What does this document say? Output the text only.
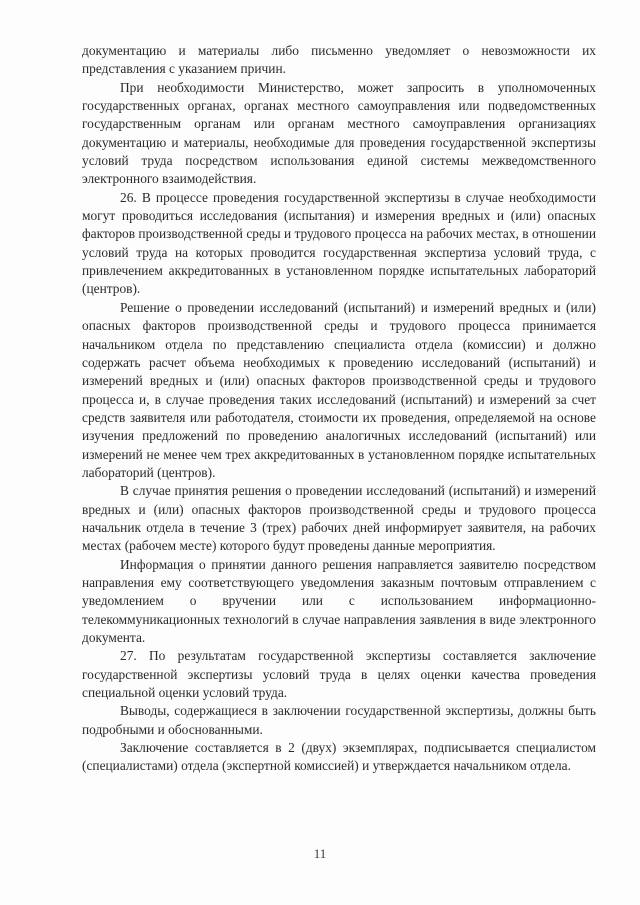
документацию и материалы либо письменно уведомляет о невозможности их представления с указанием причин.

При необходимости Министерство, может запросить в уполномоченных государственных органах, органах местного самоуправления или подведомственных государственным органам или органам местного самоуправления организациях документацию и материалы, необходимые для проведения государственной экспертизы условий труда посредством использования единой системы межведомственного электронного взаимодействия.

26. В процессе проведения государственной экспертизы в случае необходимости могут проводиться исследования (испытания) и измерения вредных и (или) опасных факторов производственной среды и трудового процесса на рабочих местах, в отношении условий труда на которых проводится государственная экспертиза условий труда, с привлечением аккредитованных в установленном порядке испытательных лабораторий (центров).

Решение о проведении исследований (испытаний) и измерений вредных и (или) опасных факторов производственной среды и трудового процесса принимается начальником отдела по представлению специалиста отдела (комиссии) и должно содержать расчет объема необходимых к проведению исследований (испытаний) и измерений вредных и (или) опасных факторов производственной среды и трудового процесса и, в случае проведения таких исследований (испытаний) и измерений за счет средств заявителя или работодателя, стоимости их проведения, определяемой на основе изучения предложений по проведению аналогичных исследований (испытаний) или измерений не менее чем трех аккредитованных в установленном порядке испытательных лабораторий (центров).

В случае принятия решения о проведении исследований (испытаний) и измерений вредных и (или) опасных факторов производственной среды и трудового процесса начальник отдела в течение 3 (трех) рабочих дней информирует заявителя, на рабочих местах (рабочем месте) которого будут проведены данные мероприятия.

Информация о принятии данного решения направляется заявителю посредством направления ему соответствующего уведомления заказным почтовым отправлением с уведомлением о вручении или с использованием информационно-телекоммуникационных технологий в случае направления заявления в виде электронного документа.

27. По результатам государственной экспертизы составляется заключение государственной экспертизы условий труда в целях оценки качества проведения специальной оценки условий труда.

Выводы, содержащиеся в заключении государственной экспертизы, должны быть подробными и обоснованными.

Заключение составляется в 2 (двух) экземплярах, подписывается специалистом (специалистами) отдела (экспертной комиссией) и утверждается начальником отдела.

11
